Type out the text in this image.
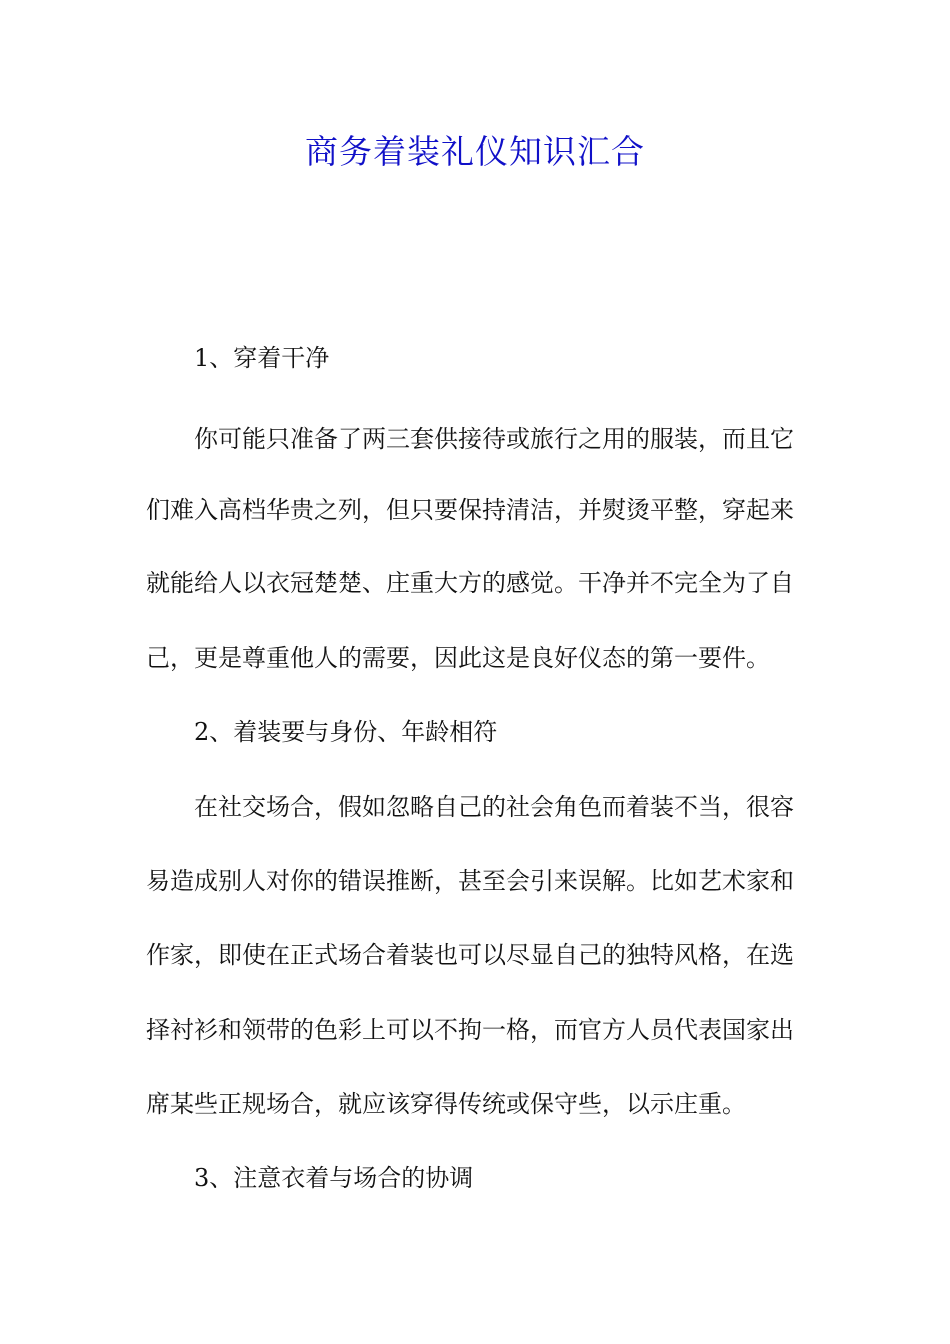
商务着装礼仪知识汇合
1、穿着干净
你可能只准备了两三套供接待或旅行之用的服装，而且它
们难入高档华贵之列，但只要保持清洁，并熨烫平整，穿起来
就能给人以衣冠楚楚、庄重大方的感觉。干净并不完全为了自
己，更是尊重他人的需要，因此这是良好仪态的第一要件。
2、着装要与身份、年龄相符
在社交场合，假如忽略自己的社会角色而着装不当，很容
易造成别人对你的错误推断，甚至会引来误解。比如艺术家和
作家，即使在正式场合着装也可以尽显自己的独特风格，在选
择衬衫和领带的色彩上可以不拘一格，而官方人员代表国家出
席某些正规场合，就应该穿得传统或保守些，以示庄重。
3、注意衣着与场合的协调
